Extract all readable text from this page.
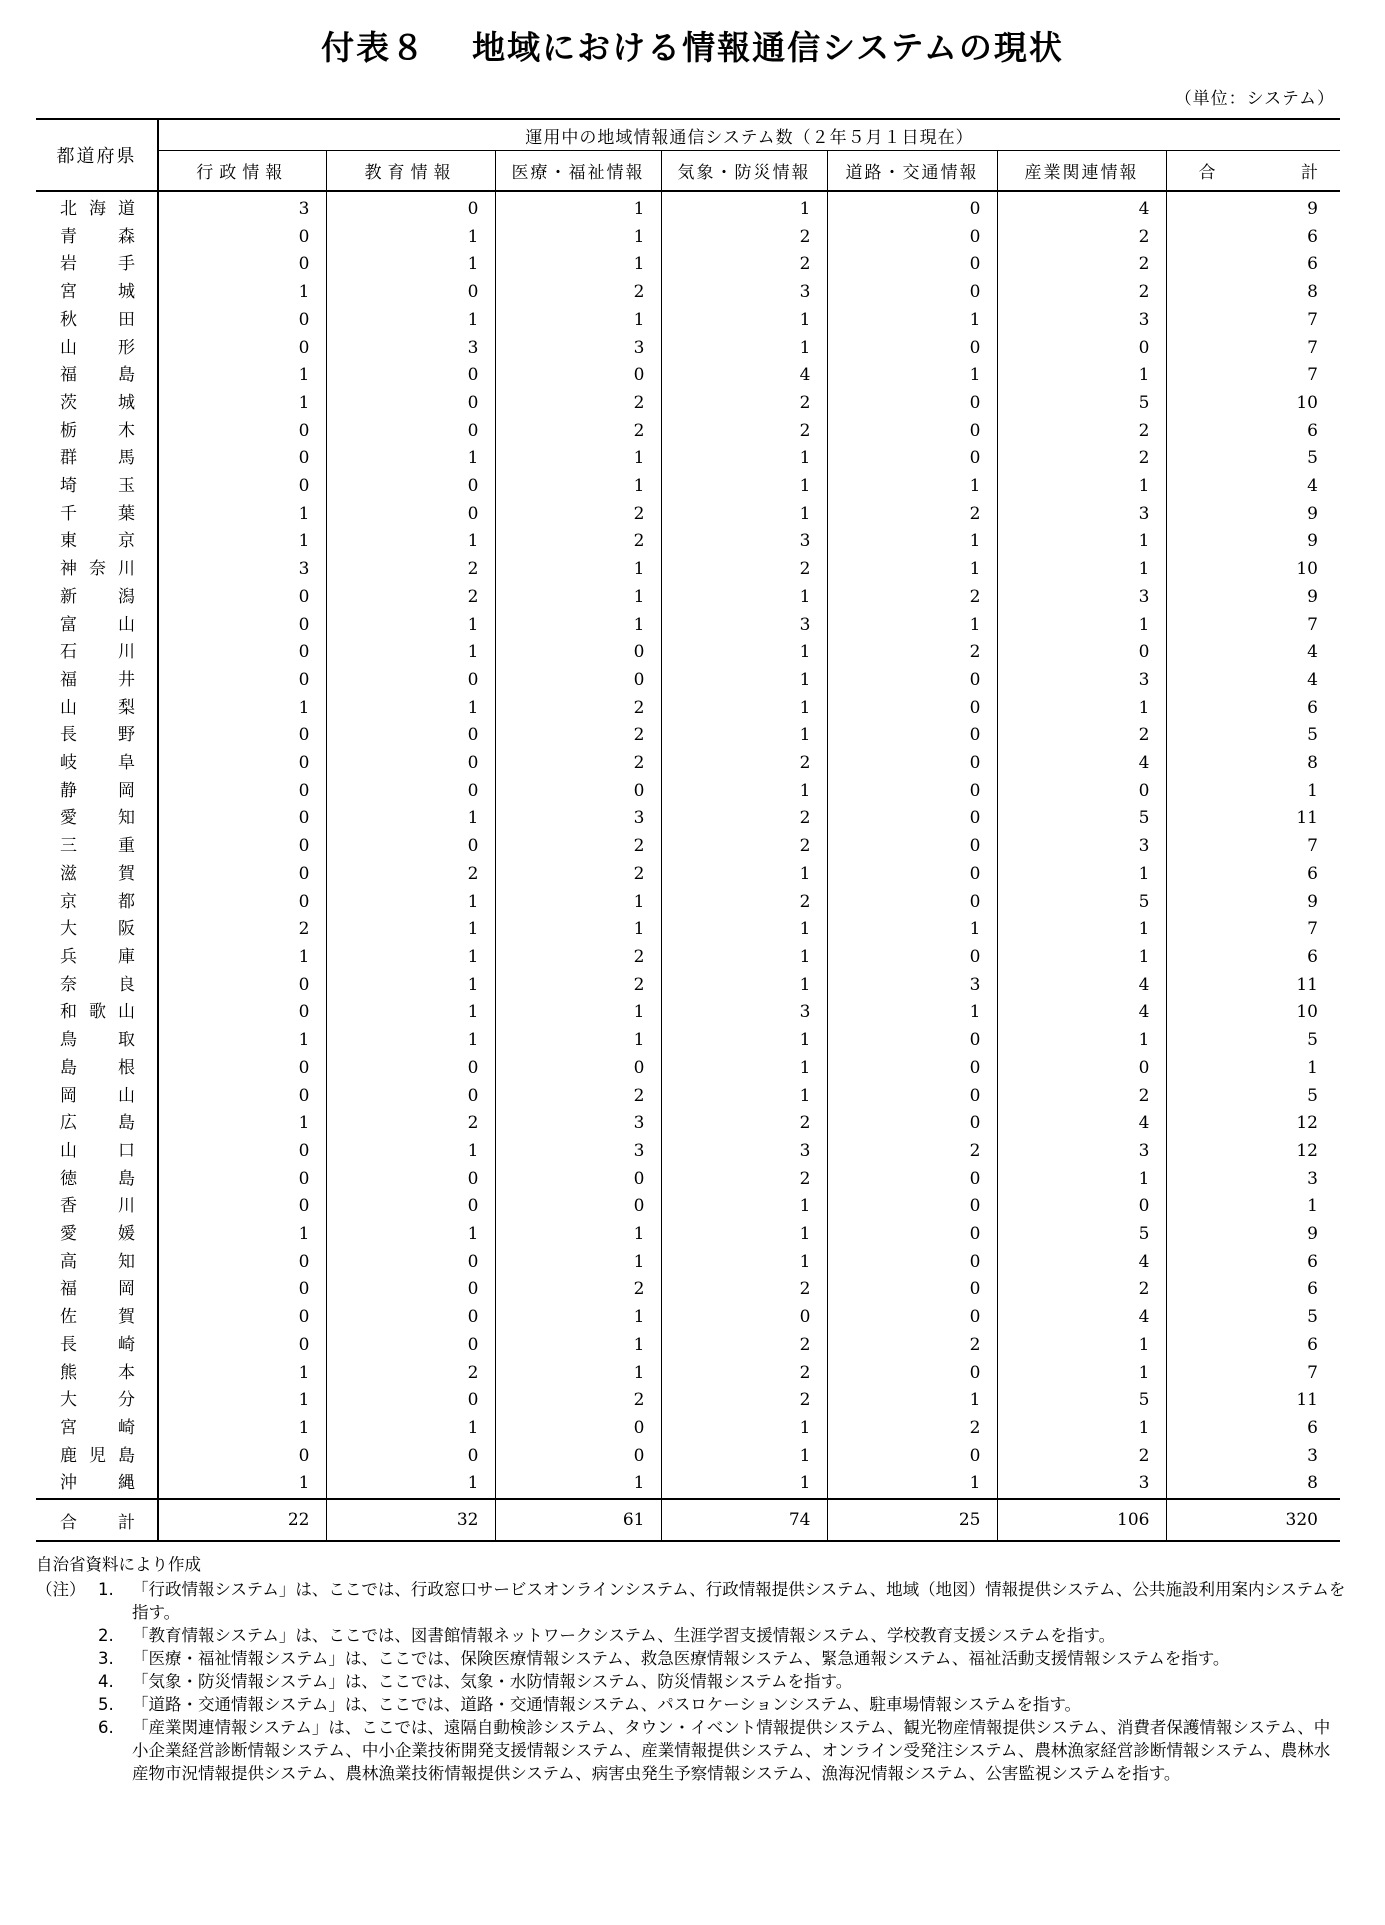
付表８ 地域における情報通信システムの現状
（単位：システム）
都道府県	運用中の地域情報通信システム数（２年５月１日現在）						
	行政情報	教育情報	医療・福祉情報	気象・防災情報	道路・交通情報	産業関連情報	合 計

北 海 道	3	0	1	1	0	4	9
青 森	0	1	1	2	0	2	6
岩 手	0	1	1	2	0	2	6
宮 城	1	0	2	3	0	2	8
秋 田	0	1	1	1	1	3	7
山 形	0	3	3	1	0	0	7
福 島	1	0	0	4	1	1	7
茨 城	1	0	2	2	0	5	10
栃 木	0	0	2	2	0	2	6
群 馬	0	1	1	1	0	2	5
埼 玉	0	0	1	1	1	1	4
千 葉	1	0	2	1	2	3	9
東 京	1	1	2	3	1	1	9
神 奈 川	3	2	1	2	1	1	10
新 潟	0	2	1	1	2	3	9
富 山	0	1	1	3	1	1	7
石 川	0	1	0	1	2	0	4
福 井	0	0	0	1	0	3	4
山 梨	1	1	2	1	0	1	6
長 野	0	0	2	1	0	2	5
岐 阜	0	0	2	2	0	4	8
静 岡	0	0	0	1	0	0	1
愛 知	0	1	3	2	0	5	11
三 重	0	0	2	2	0	3	7
滋 賀	0	2	2	1	0	1	6
京 都	0	1	1	2	0	5	9
大 阪	2	1	1	1	1	1	7
兵 庫	1	1	2	1	0	1	6
奈 良	0	1	2	1	3	4	11
和 歌 山	0	1	1	3	1	4	10
鳥 取	1	1	1	1	0	1	5
島 根	0	0	0	1	0	0	1
岡 山	0	0	2	1	0	2	5
広 島	1	2	3	2	0	4	12
山 口	0	1	3	3	2	3	12
徳 島	0	0	0	2	0	1	3
香 川	0	0	0	1	0	0	1
愛 媛	1	1	1	1	0	5	9
高 知	0	0	1	1	0	4	6
福 岡	0	0	2	2	0	2	6
佐 賀	0	0	1	0	0	4	5
長 崎	0	0	1	2	2	1	6
熊 本	1	2	1	2	0	1	7
大 分	1	0	2	2	1	5	11
宮 崎	1	1	0	1	2	1	6
鹿 児 島	0	0	0	1	0	2	3
沖 縄	1	1	1	1	1	3	8
合 計	22	32	61	74	25	106	320
自治省資料により作成
（注） 1.	「行政情報システム」は、ここでは、行政窓口サービスオンラインシステム、行政情報提供システム、地域（地図）情報提供システム、公共施設利用案内システムを指す。
2.	「教育情報システム」は、ここでは、図書館情報ネットワークシステム、生涯学習支援情報システム、学校教育支援システムを指す。
3.	「医療・福祉情報システム」は、ここでは、保険医療情報システム、救急医療情報システム、緊急通報システム、福祉活動支援情報システムを指す。
4.	「気象・防災情報システム」は、ここでは、気象・水防情報システム、防災情報システムを指す。
5.	「道路・交通情報システム」は、ここでは、道路・交通情報システム、パスロケーションシステム、駐車場情報システムを指す。
6.	「産業関連情報システム」は、ここでは、遠隔自動検診システム、タウン・イベント情報提供システム、観光物産情報提供システム、消費者保護情報システム、中小企業経営診断情報システム、中小企業技術開発支援情報システム、産業情報提供システム、オンライン受発注システム、農林漁家経営診断情報システム、農林水産物市況情報提供システム、農林漁業技術情報提供システム、病害虫発生予察情報システム、漁海況情報システム、公害監視システムを指す。
